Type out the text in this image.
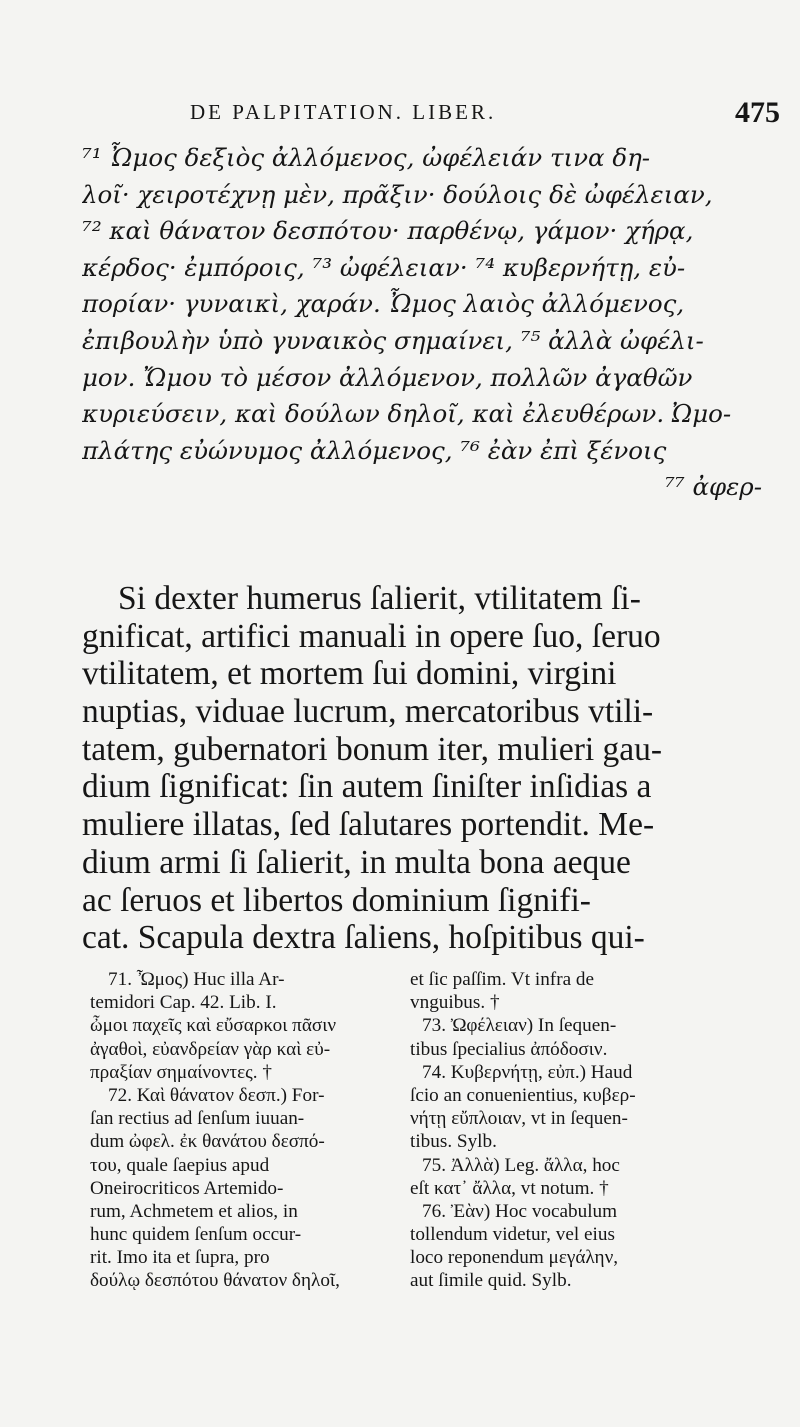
DE PALPITATION. LIBER.	475
⁷¹ Ὦμος δεξιὸς ἀλλόμενος, ὠφέλειάν τινα δη-
λοῖ· χειροτέχνῃ μὲν, πρᾶξιν· δούλοις δὲ ὠφέλειαν,
⁷² καὶ θάνατον δεσπότου· παρθένῳ, γάμον· χήρᾳ,
κέρδος· ἐμπόροις, ⁷³ ὠφέλειαν· ⁷⁴ κυβερνήτῃ, εὐ-
πορίαν· γυναικὶ, χαράν. Ὦμος λαιὸς ἀλλόμενος,
ἐπιβουλὴν ὑπὸ γυναικὸς σημαίνει, ⁷⁵ ἀλλὰ ὠφέλι-
μον. Ὤμου τὸ μέσον ἀλλόμενον, πολλῶν ἀγαθῶν
κυριεύσειν, καὶ δούλων δηλοῖ, καὶ ἐλευθέρων. Ὠμο-
πλάτης εὐώνυμος ἀλλόμενος, ⁷⁶ ἐὰν ἐπὶ ξένοις
⁷⁷ ἀφερ-
Si dexter humerus ſalierit, vtilitatem ſi-
gnificat, artifici manuali in opere ſuo, ſeruo
vtilitatem, et mortem ſui domini, virgini
nuptias, viduae lucrum, mercatoribus vtili-
tatem, gubernatori bonum iter, mulieri gau-
dium ſignificat: ſin autem ſiniſter inſidias a
muliere illatas, ſed ſalutares portendit. Me-
dium armi ſi ſalierit, in multa bona aeque
ac ſeruos et libertos dominium ſignifi-
cat. Scapula dextra ſaliens, hoſpitibus qui-
71. Ὦμος) Huc illa Ar-
temidori Cap. 42. Lib. I.
ὦμοι παχεῖς καὶ εὔσαρκοι πᾶσιν
ἀγαθοὶ, εὐανδρείαν γὰρ καὶ εὐ-
πραξίαν σημαίνοντες. †
72. Καὶ θάνατον δεσπ.) For-
ſan rectius ad ſenſum iuuan-
dum ὠφελ. ἐκ θανάτου δεσπό-
του, quale ſaepius apud
Oneirocriticos Artemido-
rum, Achmetem et alios, in
hunc quidem ſenſum occur-
rit. Imo ita et ſupra, pro
δούλῳ δεσπότου θάνατον δηλοῖ,
et ſic paſſim. Vt infra de
vnguibus. †
73. Ὠφέλειαν) In ſequen-
tibus ſpecialius ἀπόδοσιν.
74. Κυβερνήτῃ, εὐπ.) Haud
ſcio an conuenientius, κυβερ-
νήτῃ εὔπλοιαν, vt in ſequen-
tibus. Sylb.
75. Ἀλλὰ) Leg. ἄλλα, hoc
eſt κατ᾽ ἄλλα, vt notum. †
76. Ἐὰν) Hoc vocabulum
tollendum videtur, vel eius
loco reponendum μεγάλην,
aut ſimile quid. Sylb.
